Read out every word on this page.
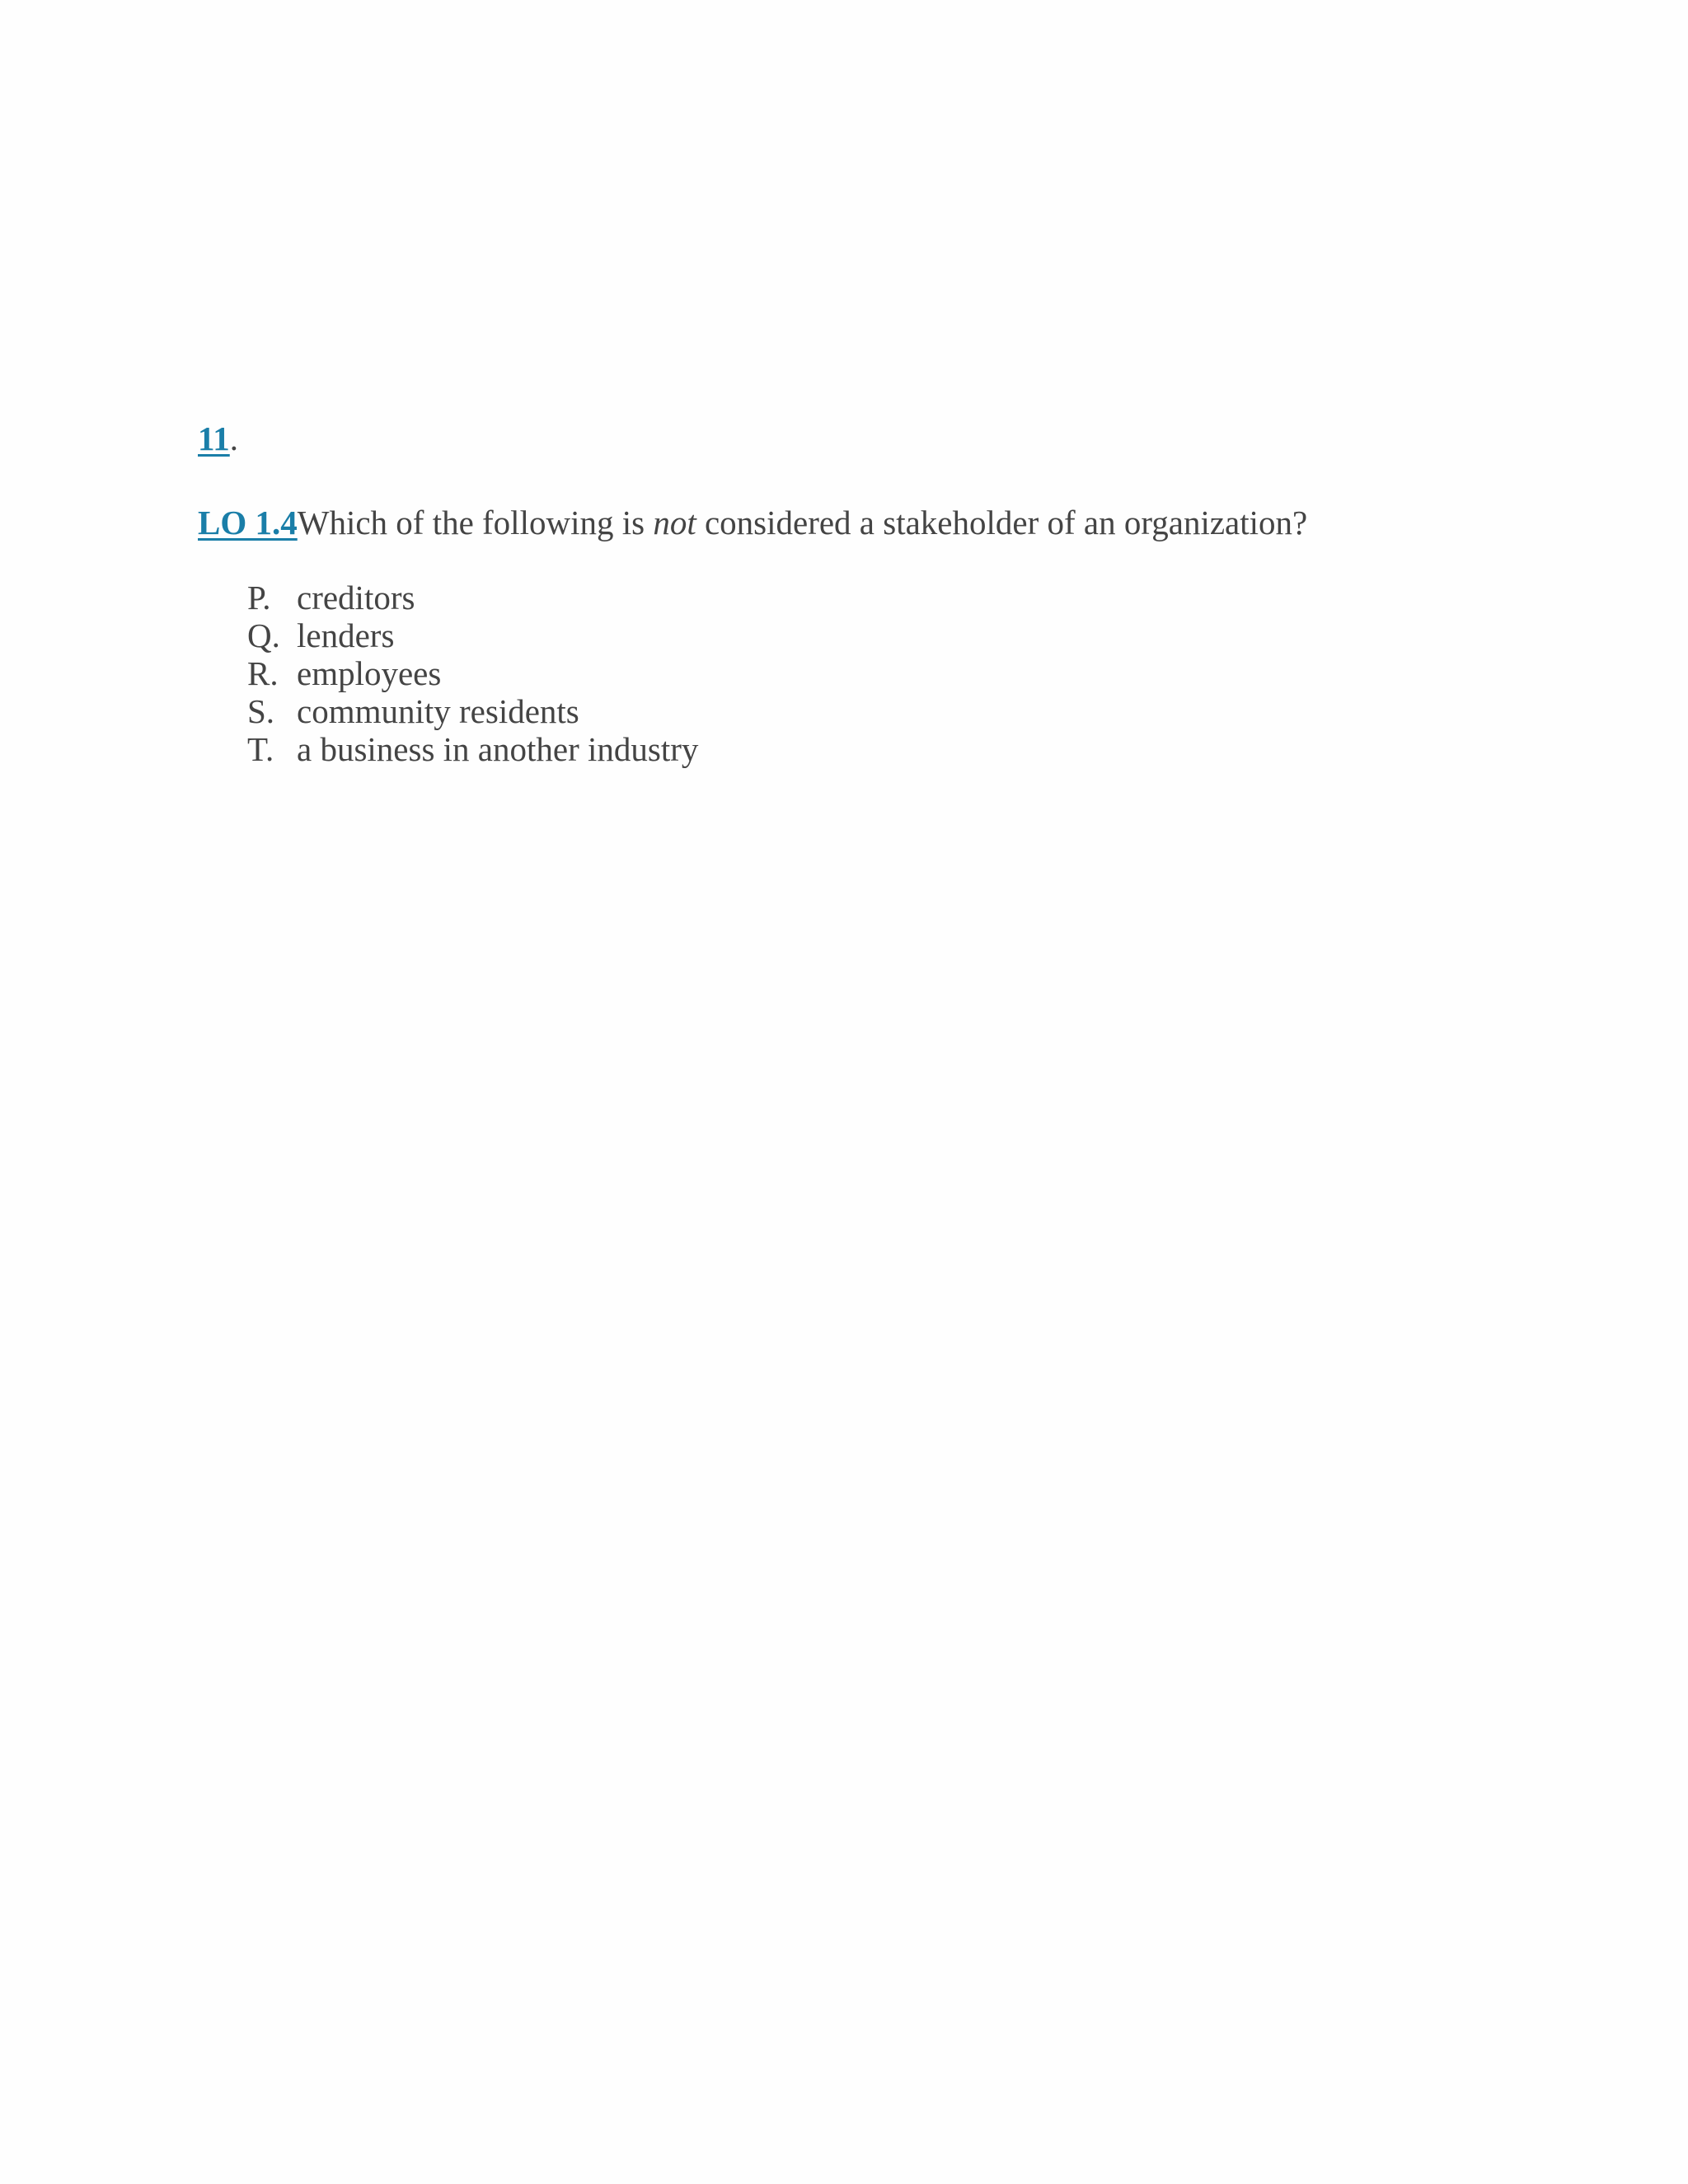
11.
LO 1.4Which of the following is not considered a stakeholder of an organization?
P. creditors
Q. lenders
R. employees
S. community residents
T. a business in another industry
